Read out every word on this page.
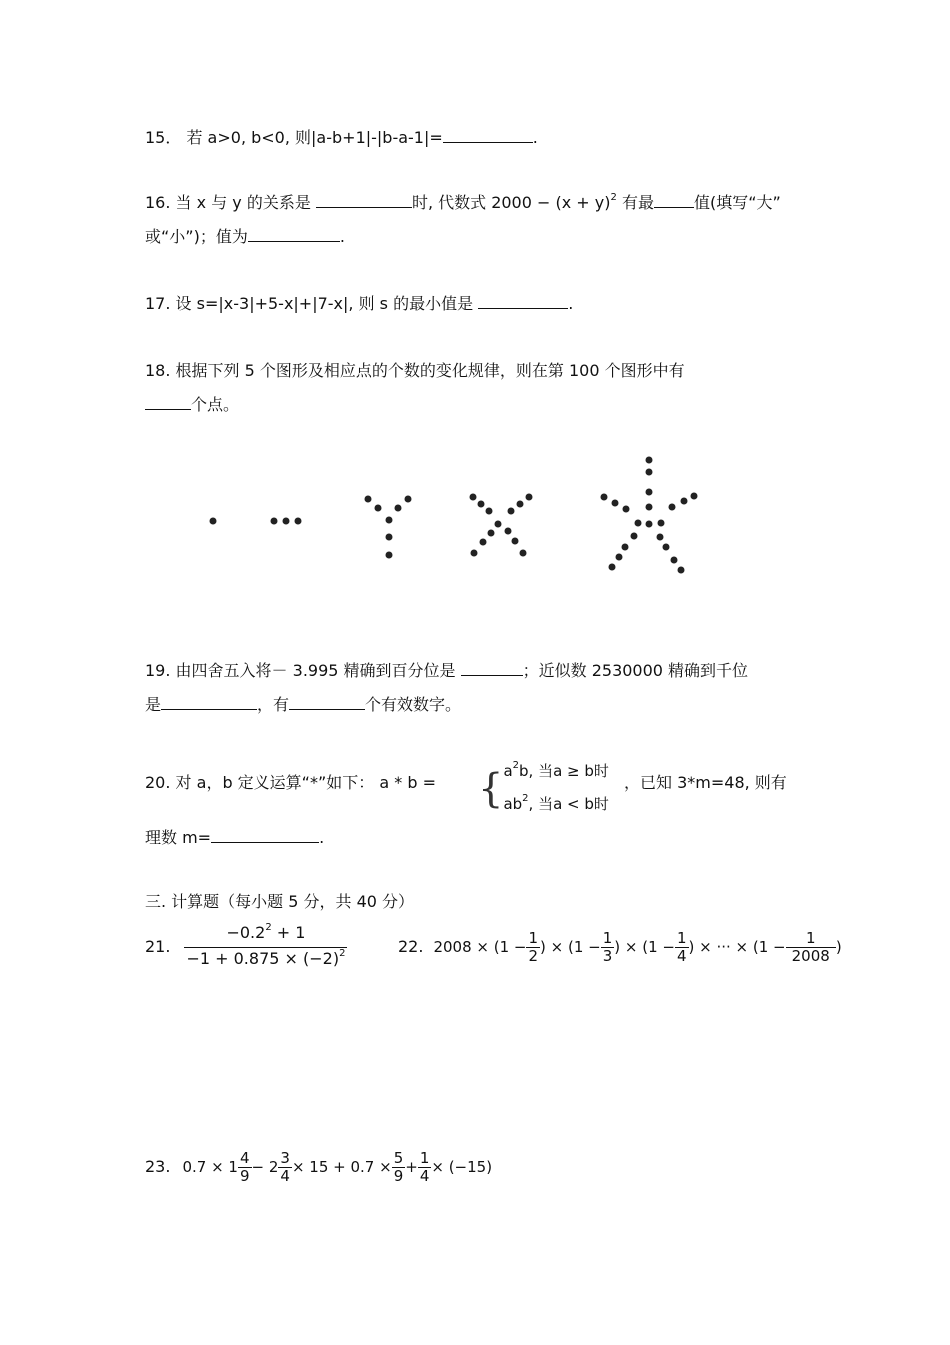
15． 若 a>0, b<0, 则|a-b+1|-|b-a-1|=	.
16. 当 x 与 y 的关系是	时, 代数式 $2000 - (x + y)^2$ 有最	值(填写“大”
或“小”)；值为	.
17. 设 s=|x-3|+5-x|+|7-x|, 则 s 的最小值是	.
18. 根据下列 5 个图形及相应点的个数的变化规律，则在第 100 个图形中有
个点。
19. 由四舍五入将－ 3.995 精确到百分位是	；近似数 2530000 精确到千位
是	，有	个有效数字。
20. 对 a，b 定义运算“*”如下： a * b = { $a^2b$, 当a ≥ b时
$ab^2$, 当a < b时
，已知 3*m=48, 则有
理数 m=	.
三. 计算题（每小题 5 分，共 40 分）
21. $\frac{-0.2^2 + 1}{-1 + 0.875 \times (-2)^2}$	22. $2008 \times (1 - \frac{1}{2}$ ) × ($1 - \frac{1}{3}$ ) × ($1 - \frac{1}{4}$ ) × ··· × ($1 - \frac{1}{2008}$ )
23. $0.7 \times 1 \frac{4}{9} - 2 \frac{3}{4} \times 15 + 0.7 \times \frac{5}{9} + \frac{1}{4} \times (-15)$
